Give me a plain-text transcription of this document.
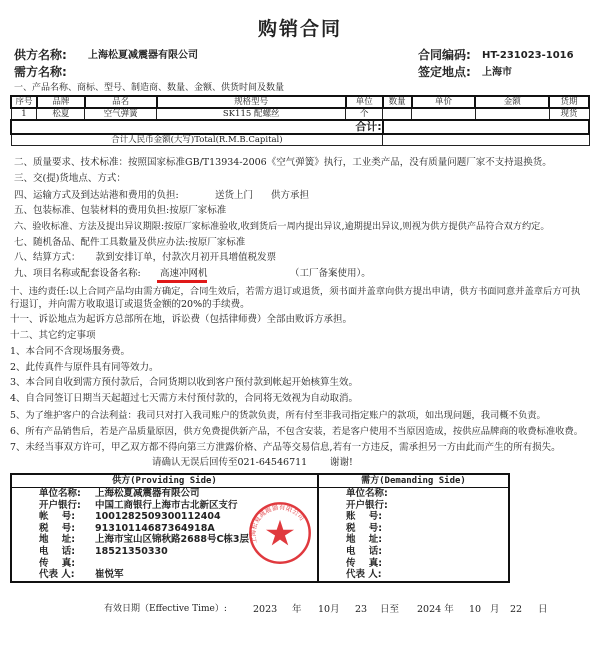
购销合同
供方名称: 上海松夏减震器有限公司
需方名称:
合同编码: HT-231023-1016
签定地点: 上海市
一、产品名称、商标、型号、制造商、数量、金额、供货时间及数量
序号	品牌	品名	规格型号	单位	数量	单价	金额	货期
1	松夏	空气弹簧	SK115 配螺丝	个				现货
合计:								
合计人民币金额(大写)Total(R.M.B.Capital)								
二、质量要求、技术标准：按照国家标准GB/T13934-2006《空气弹簧》执行，工业类产品，没有质量问题厂家不支持退换货。
三、交(提)货地点、方式：
四、运输方式及到达站港和费用的负担:            送货上门      供方承担
五、包装标准、包装材料的费用负担:按原厂家标准
六、验收标准、方法及提出异议期限:按原厂家标准验收,收到货后一周内提出异议,逾期提出异议,则视为供方提供产品符合双方约定。
七、随机备品、配件工具数量及供应办法:按原厂家标准
八、结算方式：     款到安排订单，付款次月初开具增值税发票
九、项目名称或配套设备名称: 高速冲网机	（工厂备案使用）。
十、违约责任:以上合同产品均由需方确定，合同生效后，若需方退订或退货，须书面并盖章向供方提出申请，供方书面同意并盖章后方可执
行退订，并向需方收取退订或退货金额的20%的手续费。
十一、诉讼地点为起诉方总部所在地，诉讼费（包括律师费）全部由败诉方承担。
十二、其它约定事项
1、本合同不含现场服务费。
2、此传真件与原件具有同等效力。
3、本合同自收到需方预付款后，合同货期以收到客户预付款到帐起开始核算生效。
4、自合同签订日期当天起超过七天需方未付预付款的，合同将无效视为自动取消。
5、为了维护客户的合法利益：我司只对打入我司账户的货款负责，所有付至非我司指定账户的款项，如出现问题，我司概不负责。
6、所有产品销售后，若是产品质量原因，供方免费提供新产品，不包含安装，若是客户使用不当原因造成，按供应品牌商的收费标准收费。
7、未经当事双方许可，甲乙双方都不得向第三方泄露价格、产品等交易信息,若有一方违反，需承担另一方由此而产生的所有损失。
请确认无误后回传至021-64546711 谢谢!
供方(Providing Side)
单位名称: 上海松夏减震器有限公司
开户银行: 中国工商银行上海市古北新区支行
帐    号: 1001282509300112404
税    号: 91310114687364918A
地    址: 上海市宝山区锦秋路2688号C栋3层
电    话: 18521350330
传    真:
代表 人: 崔悦军

需方(Demanding Side)
单位名称:
开户银行:
账    号:
税    号:
地    址:
电    话:
传    真:
代表 人:
上海松夏减震器有限公司
有效日期（Effective Time）:	2023 年 10月 23 日至 2024 年 10 月 22 日
